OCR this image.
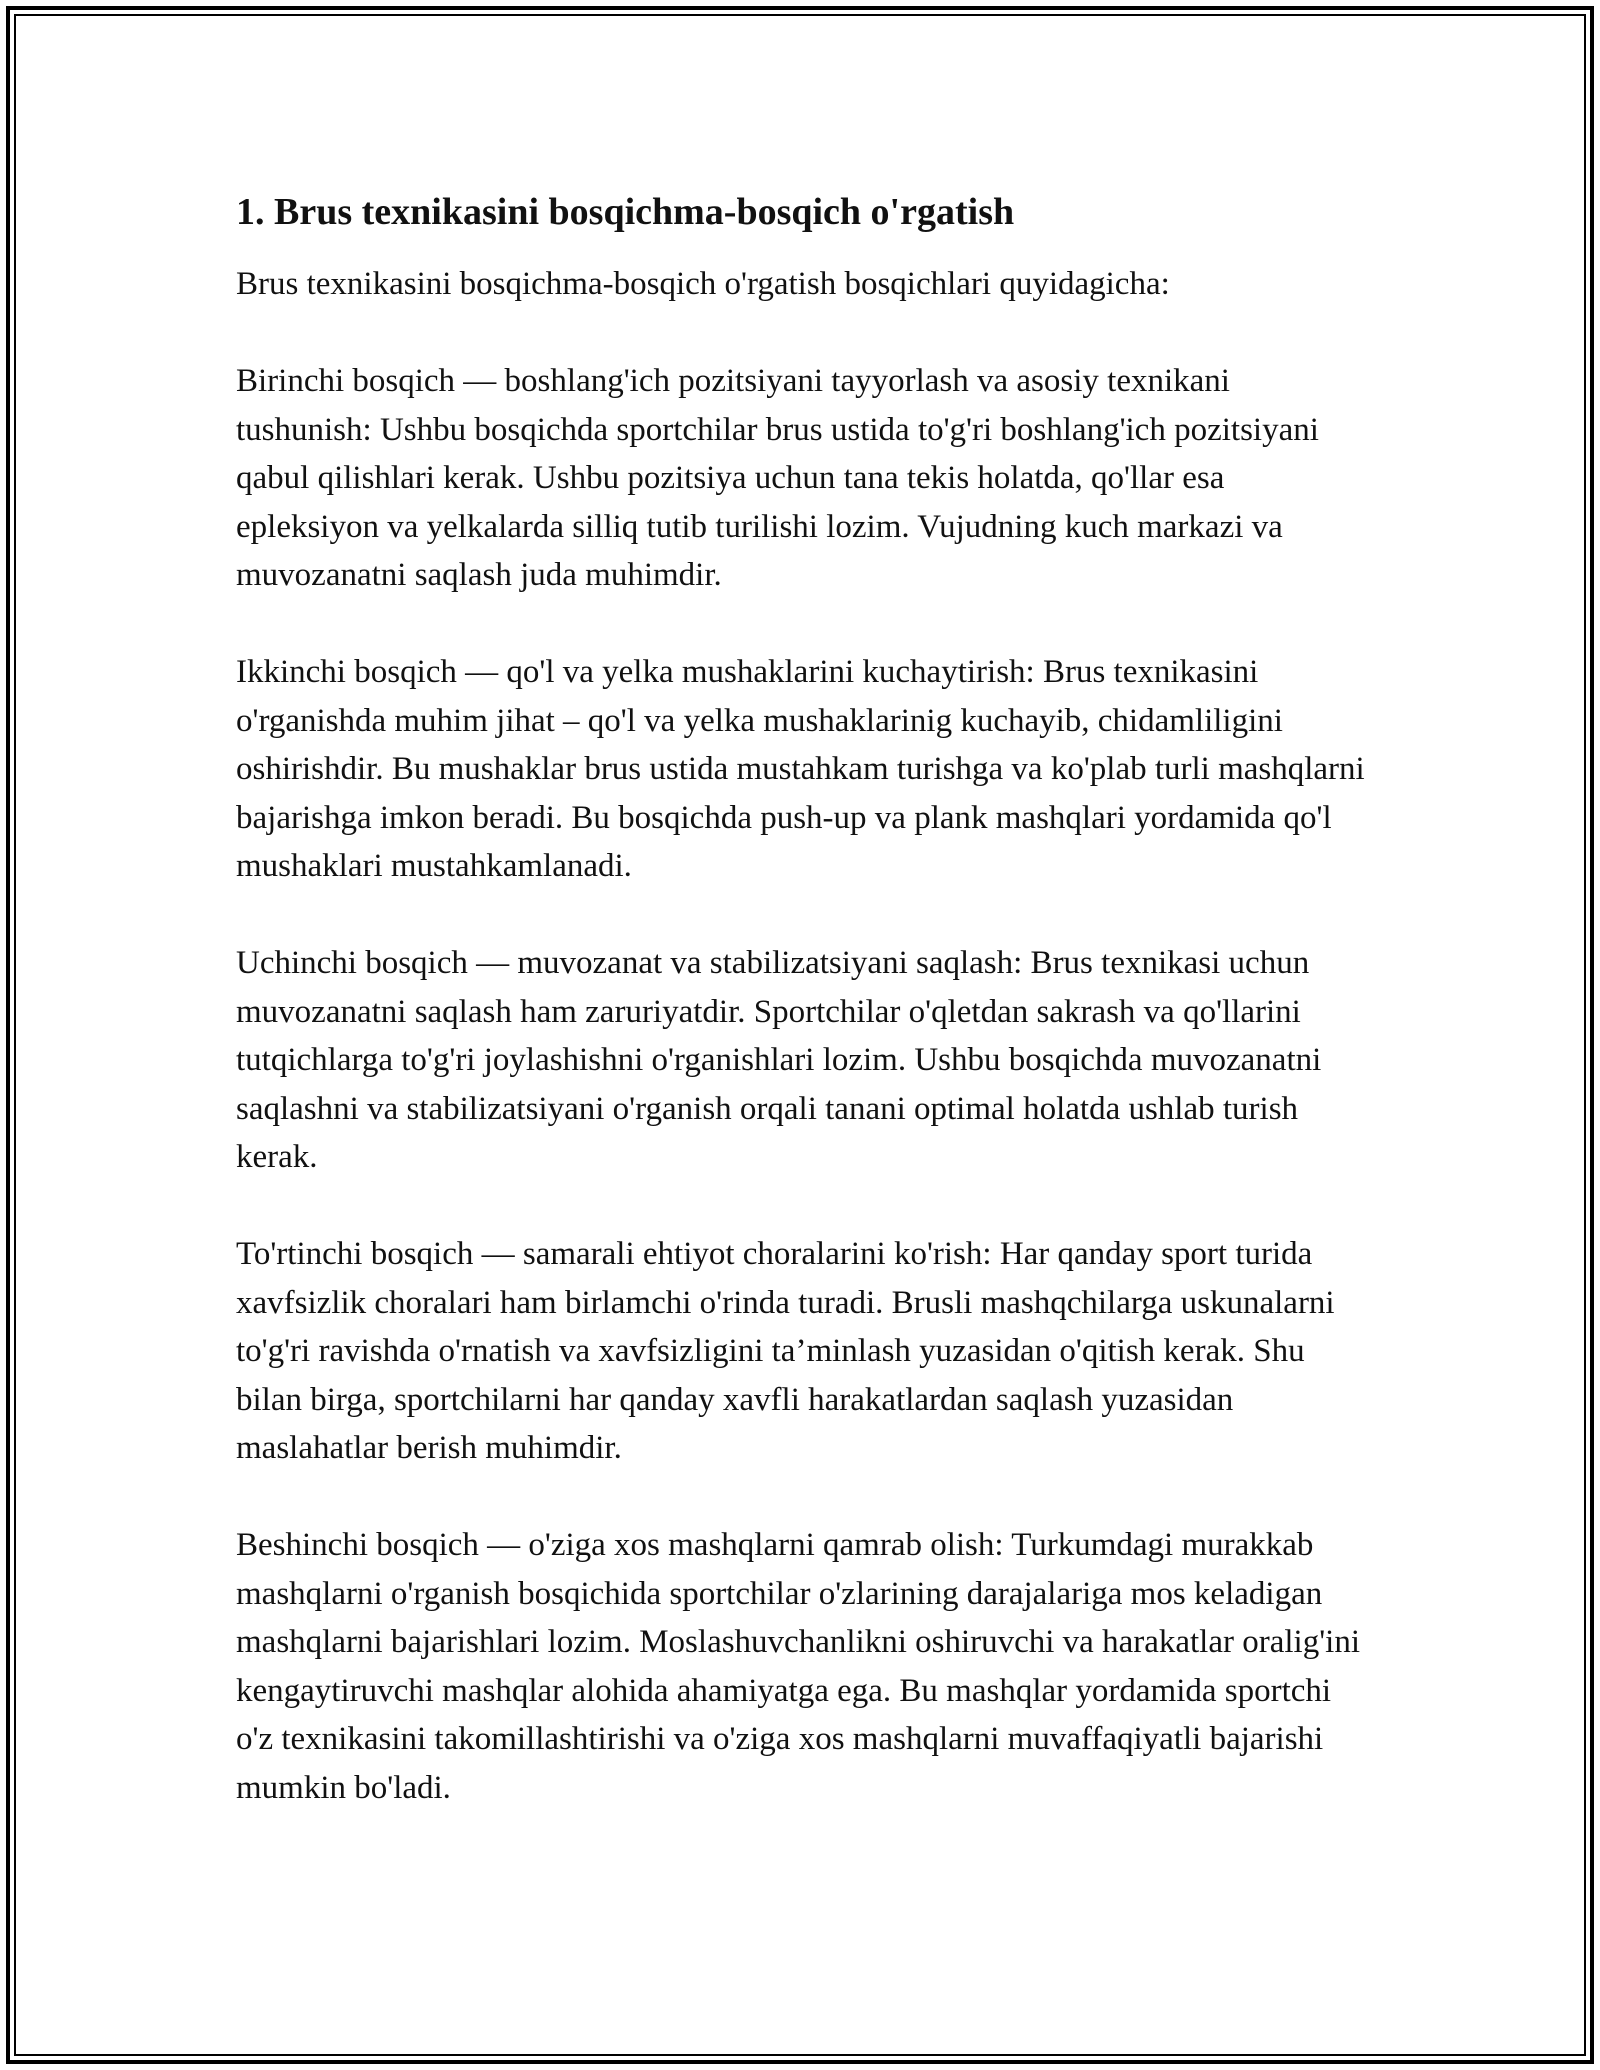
1. Brus texnikasini bosqichma-bosqich o'rgatish

Brus texnikasini bosqichma-bosqich o'rgatish bosqichlari quyidagicha:

Birinchi bosqich — boshlang'ich pozitsiyani tayyorlash va asosiy texnikani tushunish: Ushbu bosqichda sportchilar brus ustida to'g'ri boshlang'ich pozitsiyani qabul qilishlari kerak. Ushbu pozitsiya uchun tana tekis holatda, qo'llar esa epleksiyon va yelkalarda silliq tutib turilishi lozim. Vujudning kuch markazi va muvozanatni saqlash juda muhimdir.

Ikkinchi bosqich — qo'l va yelka mushaklarini kuchaytirish: Brus texnikasini o'rganishda muhim jihat – qo'l va yelka mushaklarinig kuchayib, chidamliligini oshirishdir. Bu mushaklar brus ustida mustahkam turishga va ko'plab turli mashqlarni bajarishga imkon beradi. Bu bosqichda push-up va plank mashqlari yordamida qo'l mushaklari mustahkamlanadi.

Uchinchi bosqich — muvozanat va stabilizatsiyani saqlash: Brus texnikasi uchun muvozanatni saqlash ham zaruriyatdir. Sportchilar o'qletdan sakrash va qo'llarini tutqichlarga to'g'ri joylashishni o'rganishlari lozim. Ushbu bosqichda muvozanatni saqlashni va stabilizatsiyani o'rganish orqali tanani optimal holatda ushlab turish kerak.

To'rtinchi bosqich — samarali ehtiyot choralarini ko'rish: Har qanday sport turida xavfsizlik choralari ham birlamchi o'rinda turadi. Brusli mashqchilarga uskunalarni to'g'ri ravishda o'rnatish va xavfsizligini ta’minlash yuzasidan o'qitish kerak. Shu bilan birga, sportchilarni har qanday xavfli harakatlardan saqlash yuzasidan maslahatlar berish muhimdir.

Beshinchi bosqich — o'ziga xos mashqlarni qamrab olish: Turkumdagi murakkab mashqlarni o'rganish bosqichida sportchilar o'zlarining darajalariga mos keladigan mashqlarni bajarishlari lozim. Moslashuvchanlikni oshiruvchi va harakatlar oralig'ini kengaytiruvchi mashqlar alohida ahamiyatga ega. Bu mashqlar yordamida sportchi o'z texnikasini takomillashtirishi va o'ziga xos mashqlarni muvaffaqiyatli bajarishi mumkin bo'ladi.
